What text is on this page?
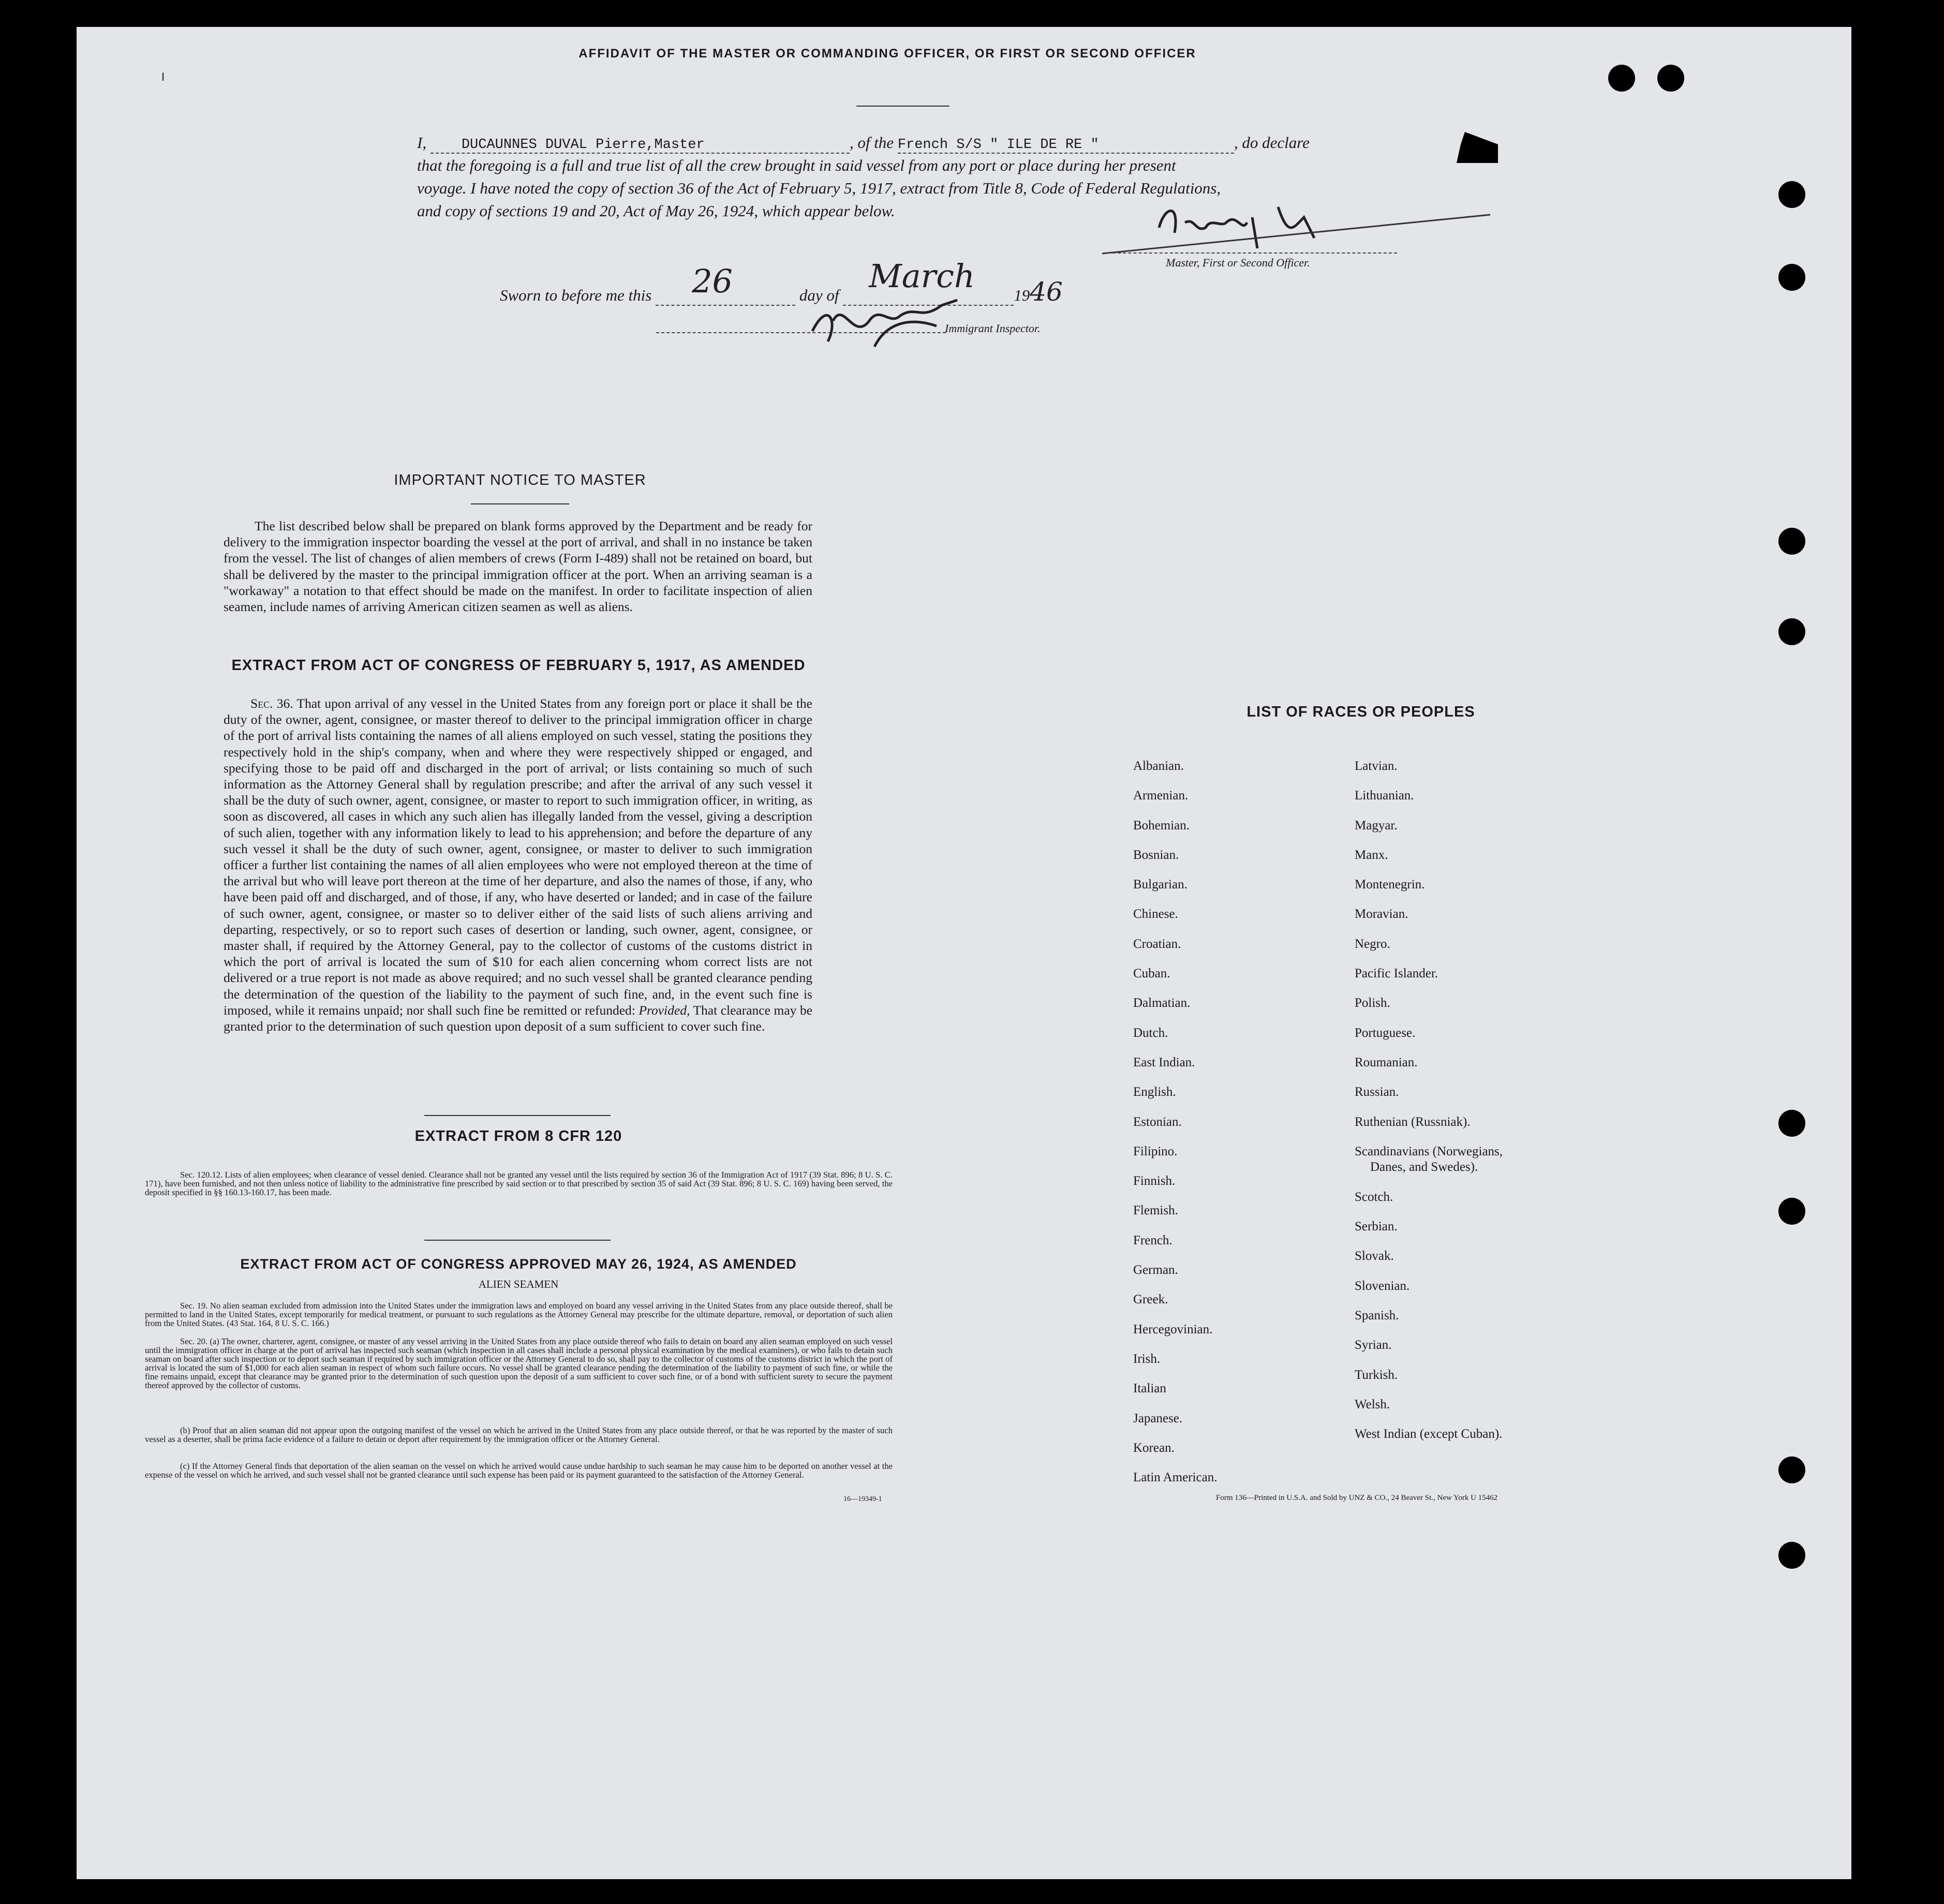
I
AFFIDAVIT OF THE MASTER OR COMMANDING OFFICER, OR FIRST OR SECOND OFFICER
I,	DUCAUNNES DUVAL Pierre,Master	, of the French S/S " ILE DE RE "	, do declare
that the foregoing is a full and true list of all the crew brought in said vessel from any port or place during her present
voyage. I have noted the copy of section 36 of the Act of February 5, 1917, extract from Title 8, Code of Federal Regulations,
and copy of sections 19 and 20, Act of May 26, 1924, which appear below.
Master, First or Second Officer.
Sworn to before me this 26	day of
March
1946
Immigrant Inspector.
IMPORTANT NOTICE TO MASTER
The list described below shall be prepared on blank forms approved by the Department and be ready for delivery to the immigration inspector boarding the vessel at the port of arrival, and shall in no instance be taken from the vessel. The list of changes of alien members of crews (Form I-489) shall not be retained on board, but shall be delivered by the master to the principal immigration officer at the port. When an arriving seaman is a "workaway" a notation to that effect should be made on the manifest. In order to facilitate inspection of alien seamen, include names of arriving American citizen seamen as well as aliens.
EXTRACT FROM ACT OF CONGRESS OF FEBRUARY 5, 1917, AS AMENDED
Sec. 36. That upon arrival of any vessel in the United States from any foreign port or place it shall be the duty of the owner, agent, consignee, or master thereof to deliver to the principal immigration officer in charge of the port of arrival lists containing the names of all aliens employed on such vessel, stating the positions they respectively hold in the ship's company, when and where they were respectively shipped or engaged, and specifying those to be paid off and discharged in the port of arrival; or lists containing so much of such information as the Attorney General shall by regulation prescribe; and after the arrival of any such vessel it shall be the duty of such owner, agent, consignee, or master to report to such immigration officer, in writing, as soon as discovered, all cases in which any such alien has illegally landed from the vessel, giving a description of such alien, together with any information likely to lead to his apprehension; and before the departure of any such vessel it shall be the duty of such owner, agent, consignee, or master to deliver to such immigration officer a further list containing the names of all alien employees who were not employed thereon at the time of the arrival but who will leave port thereon at the time of her departure, and also the names of those, if any, who have been paid off and discharged, and of those, if any, who have deserted or landed; and in case of the failure of such owner, agent, consignee, or master so to deliver either of the said lists of such aliens arriving and departing, respectively, or so to report such cases of desertion or landing, such owner, agent, consignee, or master shall, if required by the Attorney General, pay to the collector of customs of the customs district in which the port of arrival is located the sum of $10 for each alien concerning whom correct lists are not delivered or a true report is not made as above required; and no such vessel shall be granted clearance pending the determination of the question of the liability to the payment of such fine, and, in the event such fine is imposed, while it remains unpaid; nor shall such fine be remitted or refunded: Provided, That clearance may be granted prior to the determination of such question upon deposit of a sum sufficient to cover such fine.
EXTRACT FROM 8 CFR 120
Sec. 120.12. Lists of alien employees; when clearance of vessel denied. Clearance shall not be granted any vessel until the lists required by section 36 of the Immigration Act of 1917 (39 Stat. 896; 8 U. S. C. 171), have been furnished, and not then unless notice of liability to the administrative fine prescribed by said section or to that prescribed by section 35 of said Act (39 Stat. 896; 8 U. S. C. 169) having been served, the deposit specified in §§ 160.13-160.17, has been made.
EXTRACT FROM ACT OF CONGRESS APPROVED MAY 26, 1924, AS AMENDED
ALIEN SEAMEN
Sec. 19. No alien seaman excluded from admission into the United States under the immigration laws and employed on board any vessel arriving in the United States from any place outside thereof, shall be permitted to land in the United States, except temporarily for medical treatment, or pursuant to such regulations as the Attorney General may prescribe for the ultimate departure, removal, or deportation of such alien from the United States. (43 Stat. 164, 8 U. S. C. 166.)
Sec. 20. (a) The owner, charterer, agent, consignee, or master of any vessel arriving in the United States from any place outside thereof who fails to detain on board any alien seaman employed on such vessel until the immigration officer in charge at the port of arrival has inspected such seaman (which inspection in all cases shall include a personal physical examination by the medical examiners), or who fails to detain such seaman on board after such inspection or to deport such seaman if required by such immigration officer or the Attorney General to do so, shall pay to the collector of customs of the customs district in which the port of arrival is located the sum of $1,000 for each alien seaman in respect of whom such failure occurs. No vessel shall be granted clearance pending the determination of the liability to payment of such fine, or while the fine remains unpaid, except that clearance may be granted prior to the determination of such question upon the deposit of a sum sufficient to cover such fine, or of a bond with sufficient surety to secure the payment thereof approved by the collector of customs.
(b) Proof that an alien seaman did not appear upon the outgoing manifest of the vessel on which he arrived in the United States from any place outside thereof, or that he was reported by the master of such vessel as a deserter, shall be prima facie evidence of a failure to detain or deport after requirement by the immigration officer or the Attorney General.
(c) If the Attorney General finds that deportation of the alien seaman on the vessel on which he arrived would cause undue hardship to such seaman he may cause him to be deported on another vessel at the expense of the vessel on which he arrived, and such vessel shall not be granted clearance until such expense has been paid or its payment guaranteed to the satisfaction of the Attorney General.
16—19349-1
LIST OF RACES OR PEOPLES
Albanian.
Armenian.
Bohemian.
Bosnian.
Bulgarian.
Chinese.
Croatian.
Cuban.
Dalmatian.
Dutch.
East Indian.
English.
Estonian.
Filipino.
Finnish.
Flemish.
French.
German.
Greek.
Hercegovinian.
Irish.
Italian
Japanese.
Korean.
Latin American.
Latvian.
Lithuanian.
Magyar.
Manx.
Montenegrin.
Moravian.
Negro.
Pacific Islander.
Polish.
Portuguese.
Roumanian.
Russian.
Ruthenian (Russniak).
Scandinavians (Norwegians,
Danes, and Swedes).
Scotch.
Serbian.
Slovak.
Slovenian.
Spanish.
Syrian.
Turkish.
Welsh.
West Indian (except Cuban).
Form 136—Printed in U.S.A. and Sold by UNZ & CO., 24 Beaver St., New York U 15462
